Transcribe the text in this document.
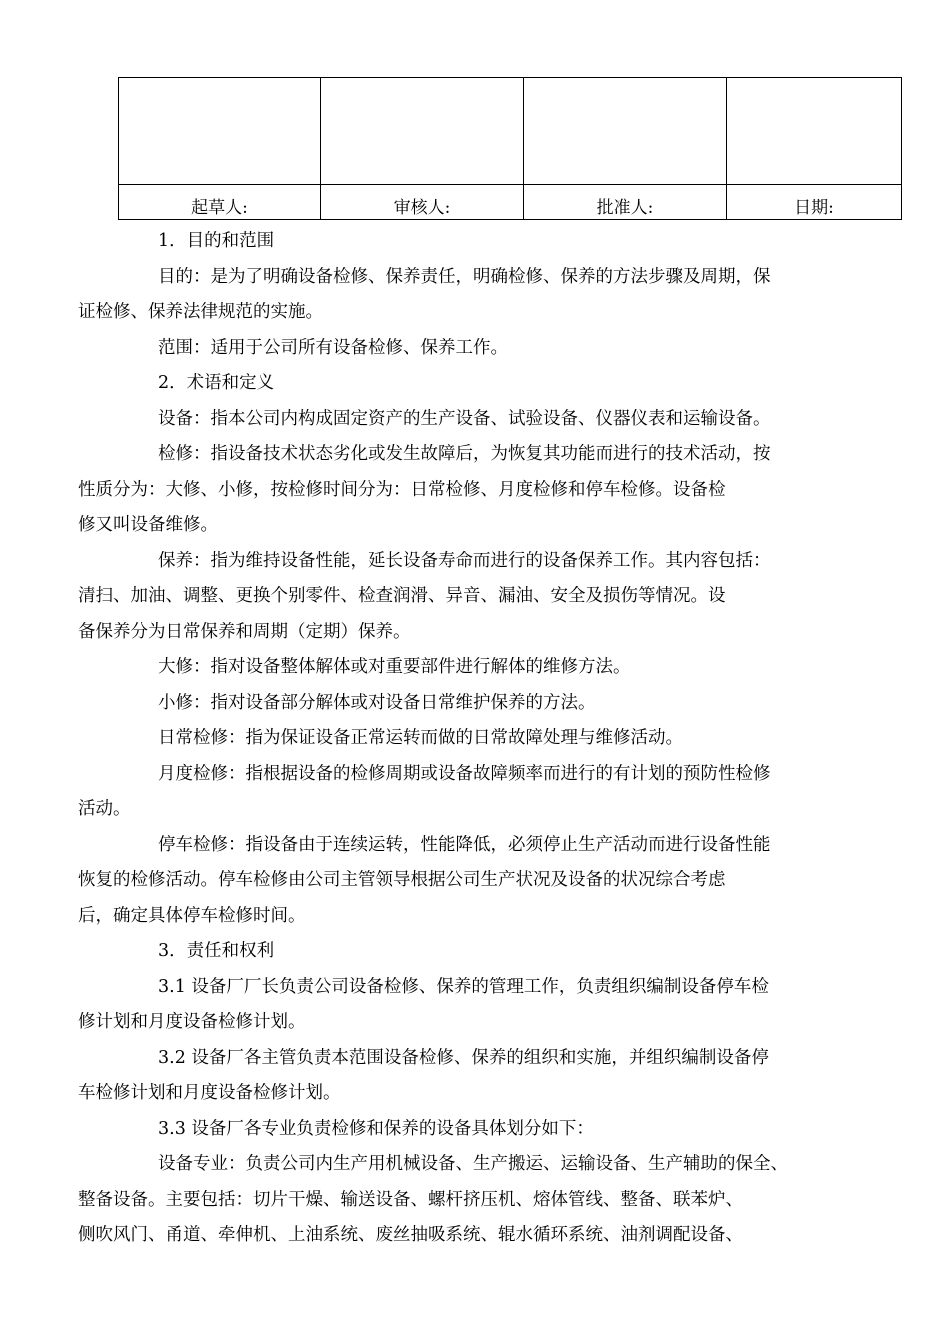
起草人:	审核人:	批准人:	日期:

1．目的和范围

目的：是为了明确设备检修、保养责任，明确检修、保养的方法步骤及周期，保
证检修、保养法律规范的实施。

范围：适用于公司所有设备检修、保养工作。

2．术语和定义

设备：指本公司内构成固定资产的生产设备、试验设备、仪器仪表和运输设备。

检修：指设备技术状态劣化或发生故障后，为恢复其功能而进行的技术活动，按
性质分为：大修、小修，按检修时间分为：日常检修、月度检修和停车检修。设备检
修又叫设备维修。

保养：指为维持设备性能，延长设备寿命而进行的设备保养工作。其内容包括：
清扫、加油、调整、更换个别零件、检查润滑、异音、漏油、安全及损伤等情况。设
备保养分为日常保养和周期（定期）保养。

大修：指对设备整体解体或对重要部件进行解体的维修方法。

小修：指对设备部分解体或对设备日常维护保养的方法。

日常检修：指为保证设备正常运转而做的日常故障处理与维修活动。

月度检修：指根据设备的检修周期或设备故障频率而进行的有计划的预防性检修
活动。

停车检修：指设备由于连续运转，性能降低，必须停止生产活动而进行设备性能
恢复的检修活动。停车检修由公司主管领导根据公司生产状况及设备的状况综合考虑
后，确定具体停车检修时间。

3．责任和权利

3.1 设备厂厂长负责公司设备检修、保养的管理工作，负责组织编制设备停车检
修计划和月度设备检修计划。

3.2 设备厂各主管负责本范围设备检修、保养的组织和实施，并组织编制设备停
车检修计划和月度设备检修计划。

3.3 设备厂各专业负责检修和保养的设备具体划分如下：

设备专业：负责公司内生产用机械设备、生产搬运、运输设备、生产辅助的保全、
整备设备。主要包括：切片干燥、输送设备、螺杆挤压机、熔体管线、整备、联苯炉、
侧吹风门、甬道、牵伸机、上油系统、废丝抽吸系统、辊水循环系统、油剂调配设备、
